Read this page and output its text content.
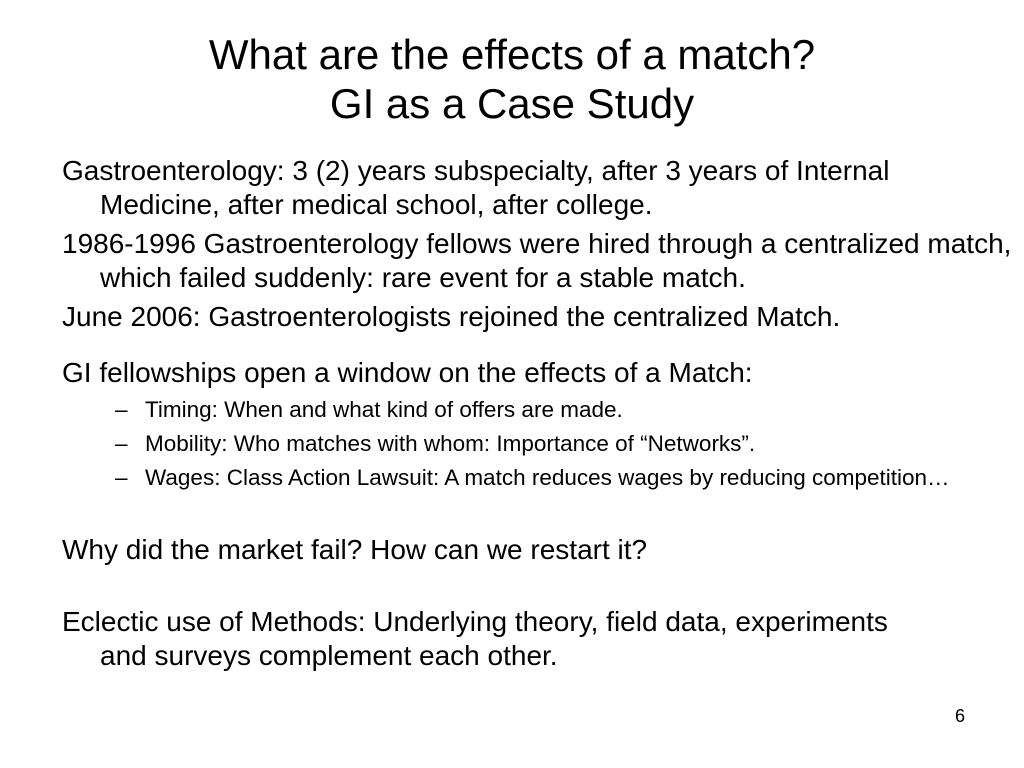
What are the effects of a match?
GI as a Case Study

Gastroenterology: 3 (2) years subspecialty, after 3 years of Internal Medicine, after medical school, after college.

1986-1996 Gastroenterology fellows were hired through a centralized match, which failed suddenly: rare event for a stable match.

June 2006: Gastroenterologists rejoined the centralized Match.

GI fellowships open a window on the effects of a Match:

– Timing: When and what kind of offers are made.

– Mobility: Who matches with whom: Importance of “Networks”.

– Wages: Class Action Lawsuit: A match reduces wages by reducing competition…

Why did the market fail? How can we restart it?

Eclectic use of Methods: Underlying theory, field data, experiments and surveys complement each other.

6
